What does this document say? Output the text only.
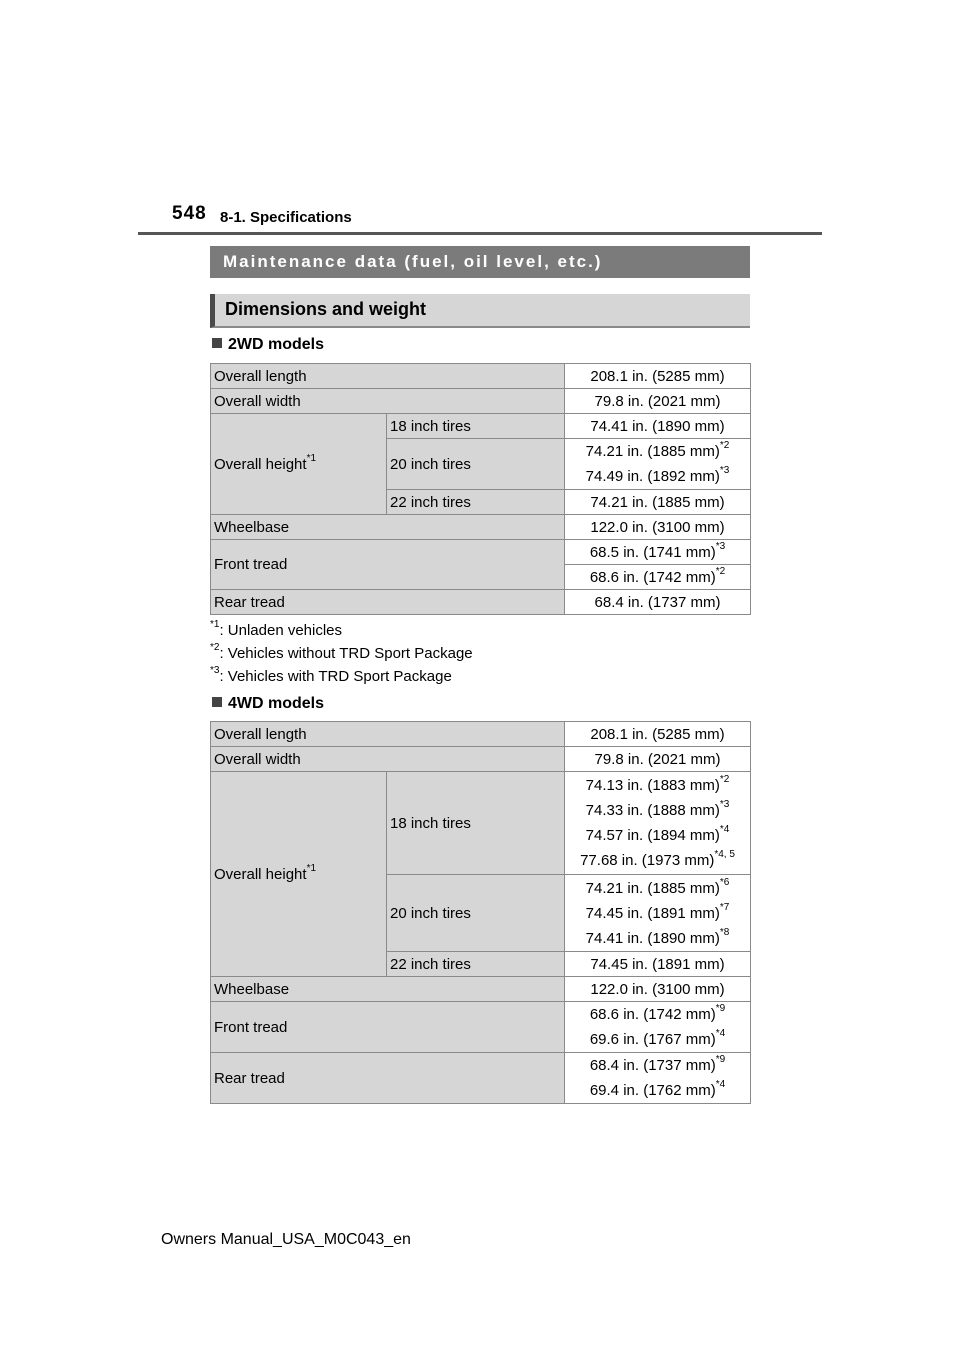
548 8-1. Specifications
Maintenance data (fuel, oil level, etc.)
Dimensions and weight
2WD models
Overall length		208.1 in. (5285 mm)
Overall width		79.8 in. (2021 mm)
Overall height$^{*1}$	18 inch tires	74.41 in. (1890 mm)
	20 inch tires	74.21 in. (1885 mm)$^{*2}$
74.49 in. (1892 mm)$^{*3}$

	22 inch tires	74.21 in. (1885 mm)
Wheelbase		122.0 in. (3100 mm)
Front tread		68.5 in. (1741 mm)$^{*3}$
		68.6 in. (1742 mm)$^{*2}$
Rear tread		68.4 in. (1737 mm)
$^{*1}$: Unladen vehicles
$^{*2}$: Vehicles without TRD Sport Package
$^{*3}$: Vehicles with TRD Sport Package
4WD models
Overall length		208.1 in. (5285 mm)
Overall width		79.8 in. (2021 mm)
Overall height$^{*1}$	18 inch tires	74.13 in. (1883 mm)$^{*2}$
74.33 in. (1888 mm)$^{*3}$
74.57 in. (1894 mm)$^{*4}$
77.68 in. (1973 mm)$^{*4, 5}$

	20 inch tires	74.21 in. (1885 mm)$^{*6}$
74.45 in. (1891 mm)$^{*7}$
74.41 in. (1890 mm)$^{*8}$

	22 inch tires	74.45 in. (1891 mm)
Wheelbase		122.0 in. (3100 mm)
Front tread		68.6 in. (1742 mm)$^{*9}$
69.6 in. (1767 mm)$^{*4}$

Rear tread		68.4 in. (1737 mm)$^{*9}$
69.4 in. (1762 mm)$^{*4}$
Owners Manual_USA_M0C043_en
